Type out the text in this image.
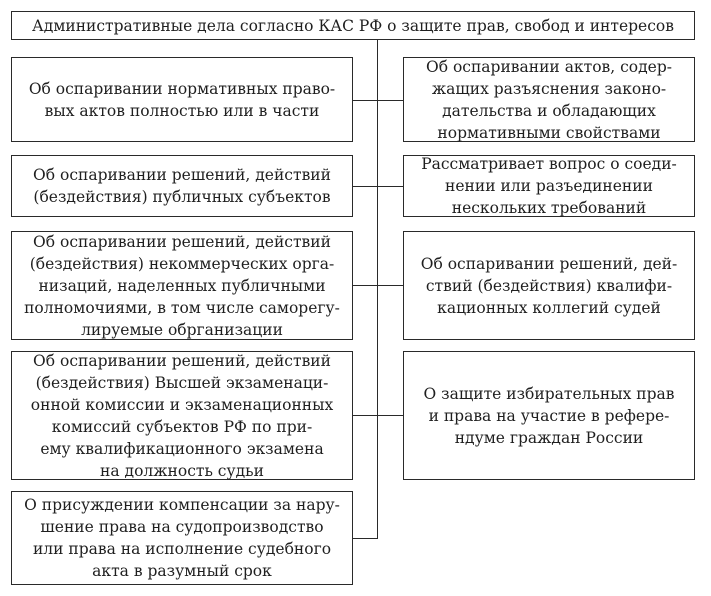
Административные дела согласно КАС РФ о защите прав, свобод и интересов
Об оспаривании нормативных право-
вых актов полностью или в части
Об оспаривании решений, действий
(бездействия) публичных субъектов
Об оспаривании решений, действий
(бездействия) некоммерческих орга-
низаций, наделенных публичными
полномочиями, в том числе саморегу-
лируемые обрганизации
Об оспаривании решений, действий
(бездействия) Высшей экзаменаци-
онной комиссии и экзаменационных
комиссий субъектов РФ по при-
ему квалификационного экзамена
на должность судьи
О присуждении компенсации за нару-
шение права на судопроизводство
или права на исполнение судебного
акта в разумный срок
Об оспаривании актов, содер-
жащих разъяснения законо-
дательства и обладающих
нормативными свойствами
Рассматривает вопрос о соеди-
нении или разъединении
нескольких требований
Об оспаривании решений, дей-
ствий (бездействия) квалифи-
кационных коллегий судей
О защите избирательных прав
и права на участие в рефере-
ндуме граждан России
